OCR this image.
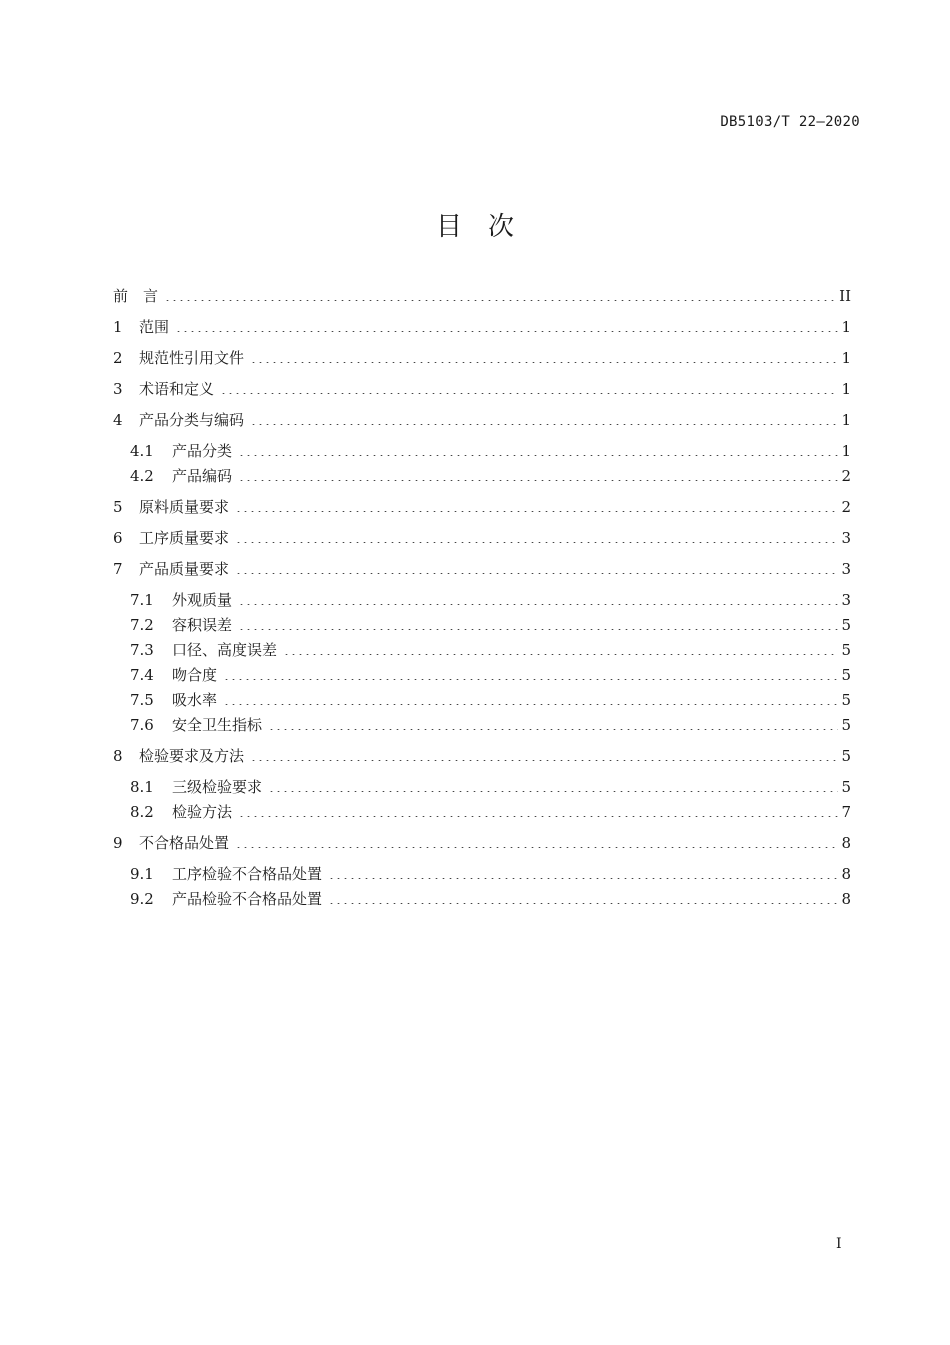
DB5103/T 22—2020
目次
前　言	II
1 范围	1
2 规范性引用文件	1
3 术语和定义	1
4 产品分类与编码	1
4.1 产品分类	1
4.2 产品编码	2
5 原料质量要求	2
6 工序质量要求	3
7 产品质量要求	3
7.1 外观质量	3
7.2 容积误差	5
7.3 口径、高度误差	5
7.4 吻合度	5
7.5 吸水率	5
7.6 安全卫生指标	5
8 检验要求及方法	5
8.1 三级检验要求	5
8.2 检验方法	7
9 不合格品处置	8
9.1 工序检验不合格品处置	8
9.2 产品检验不合格品处置	8
I
